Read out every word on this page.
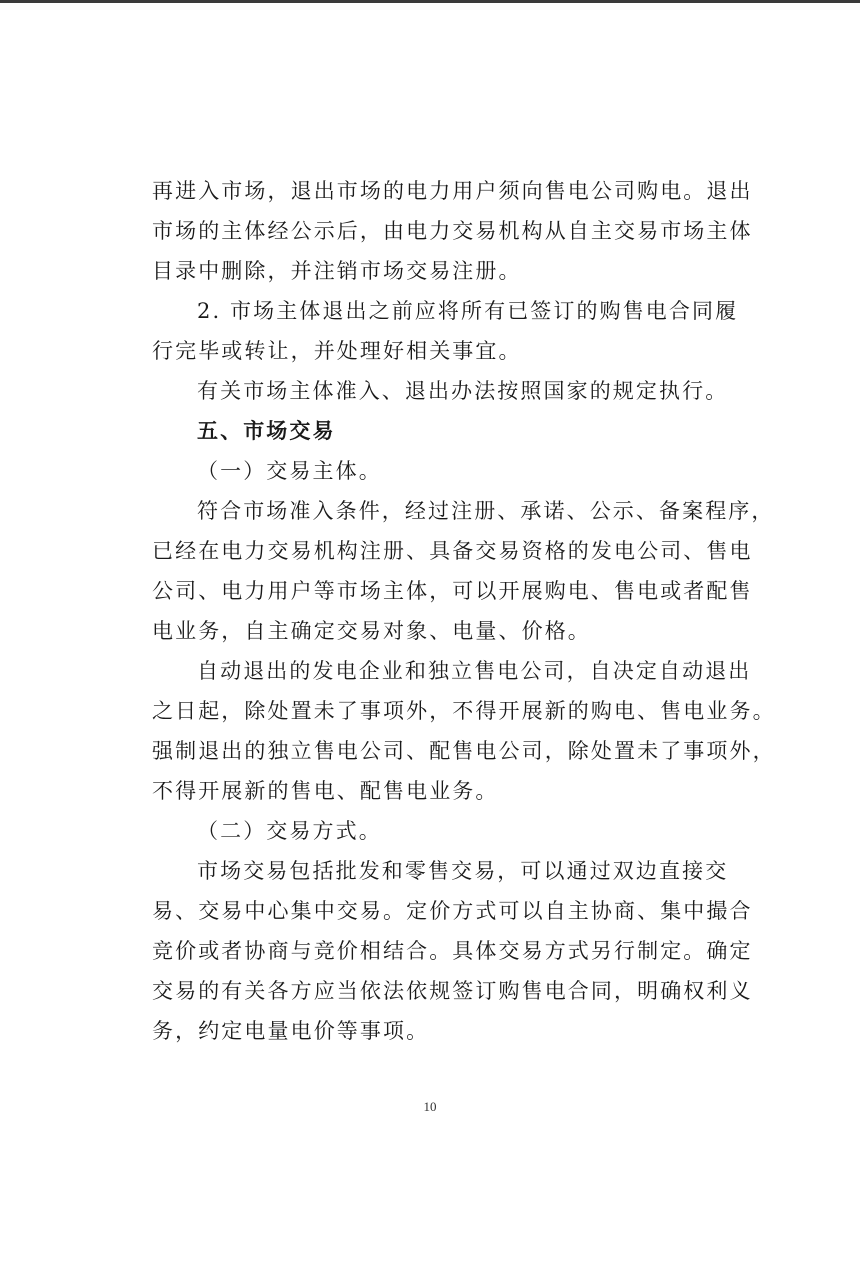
再进入市场，退出市场的电力用户须向售电公司购电。退出
市场的主体经公示后，由电力交易机构从自主交易市场主体
目录中删除，并注销市场交易注册。
2. 市场主体退出之前应将所有已签订的购售电合同履
行完毕或转让，并处理好相关事宜。
有关市场主体准入、退出办法按照国家的规定执行。
五、市场交易
（一）交易主体。
符合市场准入条件，经过注册、承诺、公示、备案程序，
已经在电力交易机构注册、具备交易资格的发电公司、售电
公司、电力用户等市场主体，可以开展购电、售电或者配售
电业务，自主确定交易对象、电量、价格。
自动退出的发电企业和独立售电公司，自决定自动退出
之日起，除处置未了事项外，不得开展新的购电、售电业务。
强制退出的独立售电公司、配售电公司，除处置未了事项外，
不得开展新的售电、配售电业务。
（二）交易方式。
市场交易包括批发和零售交易，可以通过双边直接交
易、交易中心集中交易。定价方式可以自主协商、集中撮合
竞价或者协商与竞价相结合。具体交易方式另行制定。确定
交易的有关各方应当依法依规签订购售电合同，明确权利义
务，约定电量电价等事项。
10
